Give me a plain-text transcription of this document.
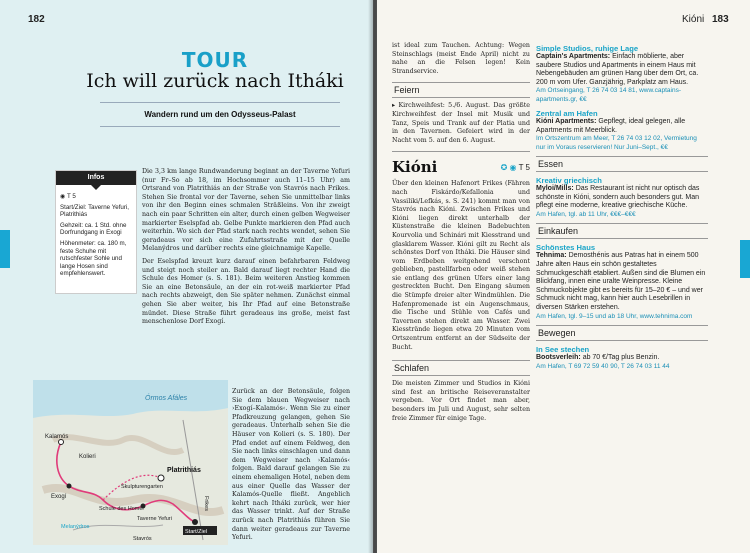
182
TOUR
Ich will zurück nach Itháki
Wandern rund um den Odysseus-Palast
Infos
◉ T 5
Start/Ziel: Taverne Yefuri, Platrithiás
Gehzeit: ca. 1 Std. ohne Dorfrundgang in Exogi
Höhenmeter: ca. 180 m, feste Schuhe mit rutschfester Sohle und lange Hosen sind empfehlenswert.

Die 3,3 km lange Rundwanderung beginnt an der Taverne Yefuri (nur Fr–So ab 18, im Hochsommer auch 11–15 Uhr) am Ortsrand von Platrithiás an der Straße von Stavrós nach Frikes. Stehen Sie frontal vor der Taverne, sehen Sie unmittelbar links von ihr den Beginn eines schmalen Sträßleins. Von ihr zweigt nach ein paar Schritten ein alter, durch einen gelben Wegweiser markierter Eselspfad ab. Gelbe Punkte markieren den Pfad auch weiterhin. Wo sich der Pfad stark nach rechts wendet, sehen Sie geradeaus vor sich eine Zufahrtsstraße mit der Quelle Melanýdros und darüber rechts eine gleichnamige Kapelle.

Der Eselspfad kreuzt kurz darauf einen befahrbaren Feldweg und steigt noch steiler an. Bald darauf liegt rechter Hand die Schule des Homer (s. S. 181). Beim weiteren Anstieg kommen Sie an eine Betonsäule, an der ein rot-weiß markierter Pfad nach rechts abzweigt, den Sie später nehmen. Zunächst einmal gehen Sie aber weiter, bis Ihr Pfad auf eine Betonstraße mündet. Diese Straße führt geradeaus ins große, meist fast menschenlose Dorf Exogí.

Órmos Afáles
Kalamós
Kolieri
Exogí
Platrithiás
Skulpturengarten
Schule des Homer
Taverne Yefuri
Melanýdros
Start/Ziel
Frikes
Stavrós
Zurück an der Betonsäule, folgen Sie dem blauen Wegweiser nach ›Exogí–Kalamós‹. Wenn Sie zu einer Pfadkreuzung gelangen, gehen Sie geradeaus. Unterhalb sehen Sie die Häuser von Kolieri (s. S. 180). Der Pfad endet auf einem Feldweg, den Sie nach links einschlagen und dann dem Wegweiser nach ›Kalamós‹ folgen. Bald darauf gelangen Sie zu einem ehemaligen Hotel, neben dem aus einer Quelle das Wasser der Kalamós-Quelle fließt. Angeblich kehrt nach Itháki zurück, wer hier das Wasser trinkt. Auf der Straße zurück nach Platrithiás führen Sie dann weiter geradeaus zur Taverne Yefuri.
Kióni 183
ist ideal zum Tauchen. Achtung: Wegen Steinschlags (meist Ende April) nicht zu nahe an die Felsen legen! Kein Strandservice.
Feiern
▸ Kirchweihfest: 5./6. August. Das größte Kirchweihfest der Insel mit Musik und Tanz, Speis und Trank auf der Platia und in den Tavernen. Gefeiert wird in der Nacht vom 5. auf den 6. August.
Kióni	✪ ◉ T 5
Über den kleinen Hafenort Frikes (Fähren nach Fiskárdo/Kefallonia und Vassiliki/Lefkás, s. S. 241) kommt man von Stavrós nach Kióni. Zwischen Frikes und Kióni liegen direkt unterhalb der Küstenstraße die kleinen Badebuchten Kourvolia und Schinári mit Kiesstrand und glasklarem Wasser. Kióni gilt zu Recht als schönstes Dorf von Itháki. Die Häuser sind vom Erdbeben weitgehend verschont geblieben, pastellfarben oder weiß stehen sie entlang des grünen Ufers einer lang gestreckten Bucht. Den Eingang säumen die Stümpfe dreier alter Windmühlen. Die Hafenpromenade ist ein Augenschmaus, die Tische und Stühle von Cafés und Tavernen stehen direkt am Wasser. Zwei Kiesstrände liegen etwa 20 Minuten vom Ortszentrum entfernt an der Südseite der Bucht.
Schlafen
Die meisten Zimmer und Studios in Kióni sind fest an britische Reiseveranstalter vergeben. Vor Ort findet man aber, besonders im Juli und August, sehr selten freie Zimmer für einige Tage.
Simple Studios, ruhige Lage
Captain's Apartments: Einfach möblierte, aber saubere Studios und Apartments in einem Haus mit Nebengebäuden am grünen Hang über dem Ort, ca. 200 m vom Ufer. Ganzjährig, Parkplatz am Haus.
Am Ortseingang, T 26 74 03 14 81, www.captains-apartments.gr, €€
Zentral am Hafen
Kióni Apartments: Gepflegt, ideal gelegen, alle Apartments mit Meerblick.
Im Ortszentrum am Meer, T 26 74 03 12 02, Vermietung nur im Voraus reservieren! Nur Juni–Sept., €€
Essen
Kreativ griechisch
Myloi/Mills: Das Restaurant ist nicht nur optisch das schönste in Kióni, sondern auch besonders gut. Man pflegt eine moderne, kreative griechische Küche.
Am Hafen, tgl. ab 11 Uhr, €€€–€€€
Einkaufen
Schönstes Haus
Tehnima: Demosthénis aus Patras hat in einem 500 Jahre alten Haus ein schön gestaltetes Schmuckgeschäft etabliert. Außen sind die Blumen ein Blickfang, innen eine uralte Weinpresse. Kleine Schmuckobjekte gibt es bereits für 15–20 € – und wer Schmuck nicht mag, kann hier auch Lesebrillen in diversen Stärken erstehen.
Am Hafen, tgl. 9–15 und ab 18 Uhr, www.tehnima.com
Bewegen
In See stechen
Bootsverleih: ab 70 €/Tag plus Benzin.
Am Hafen, T 69 72 59 40 90, T 26 74 03 11 44
